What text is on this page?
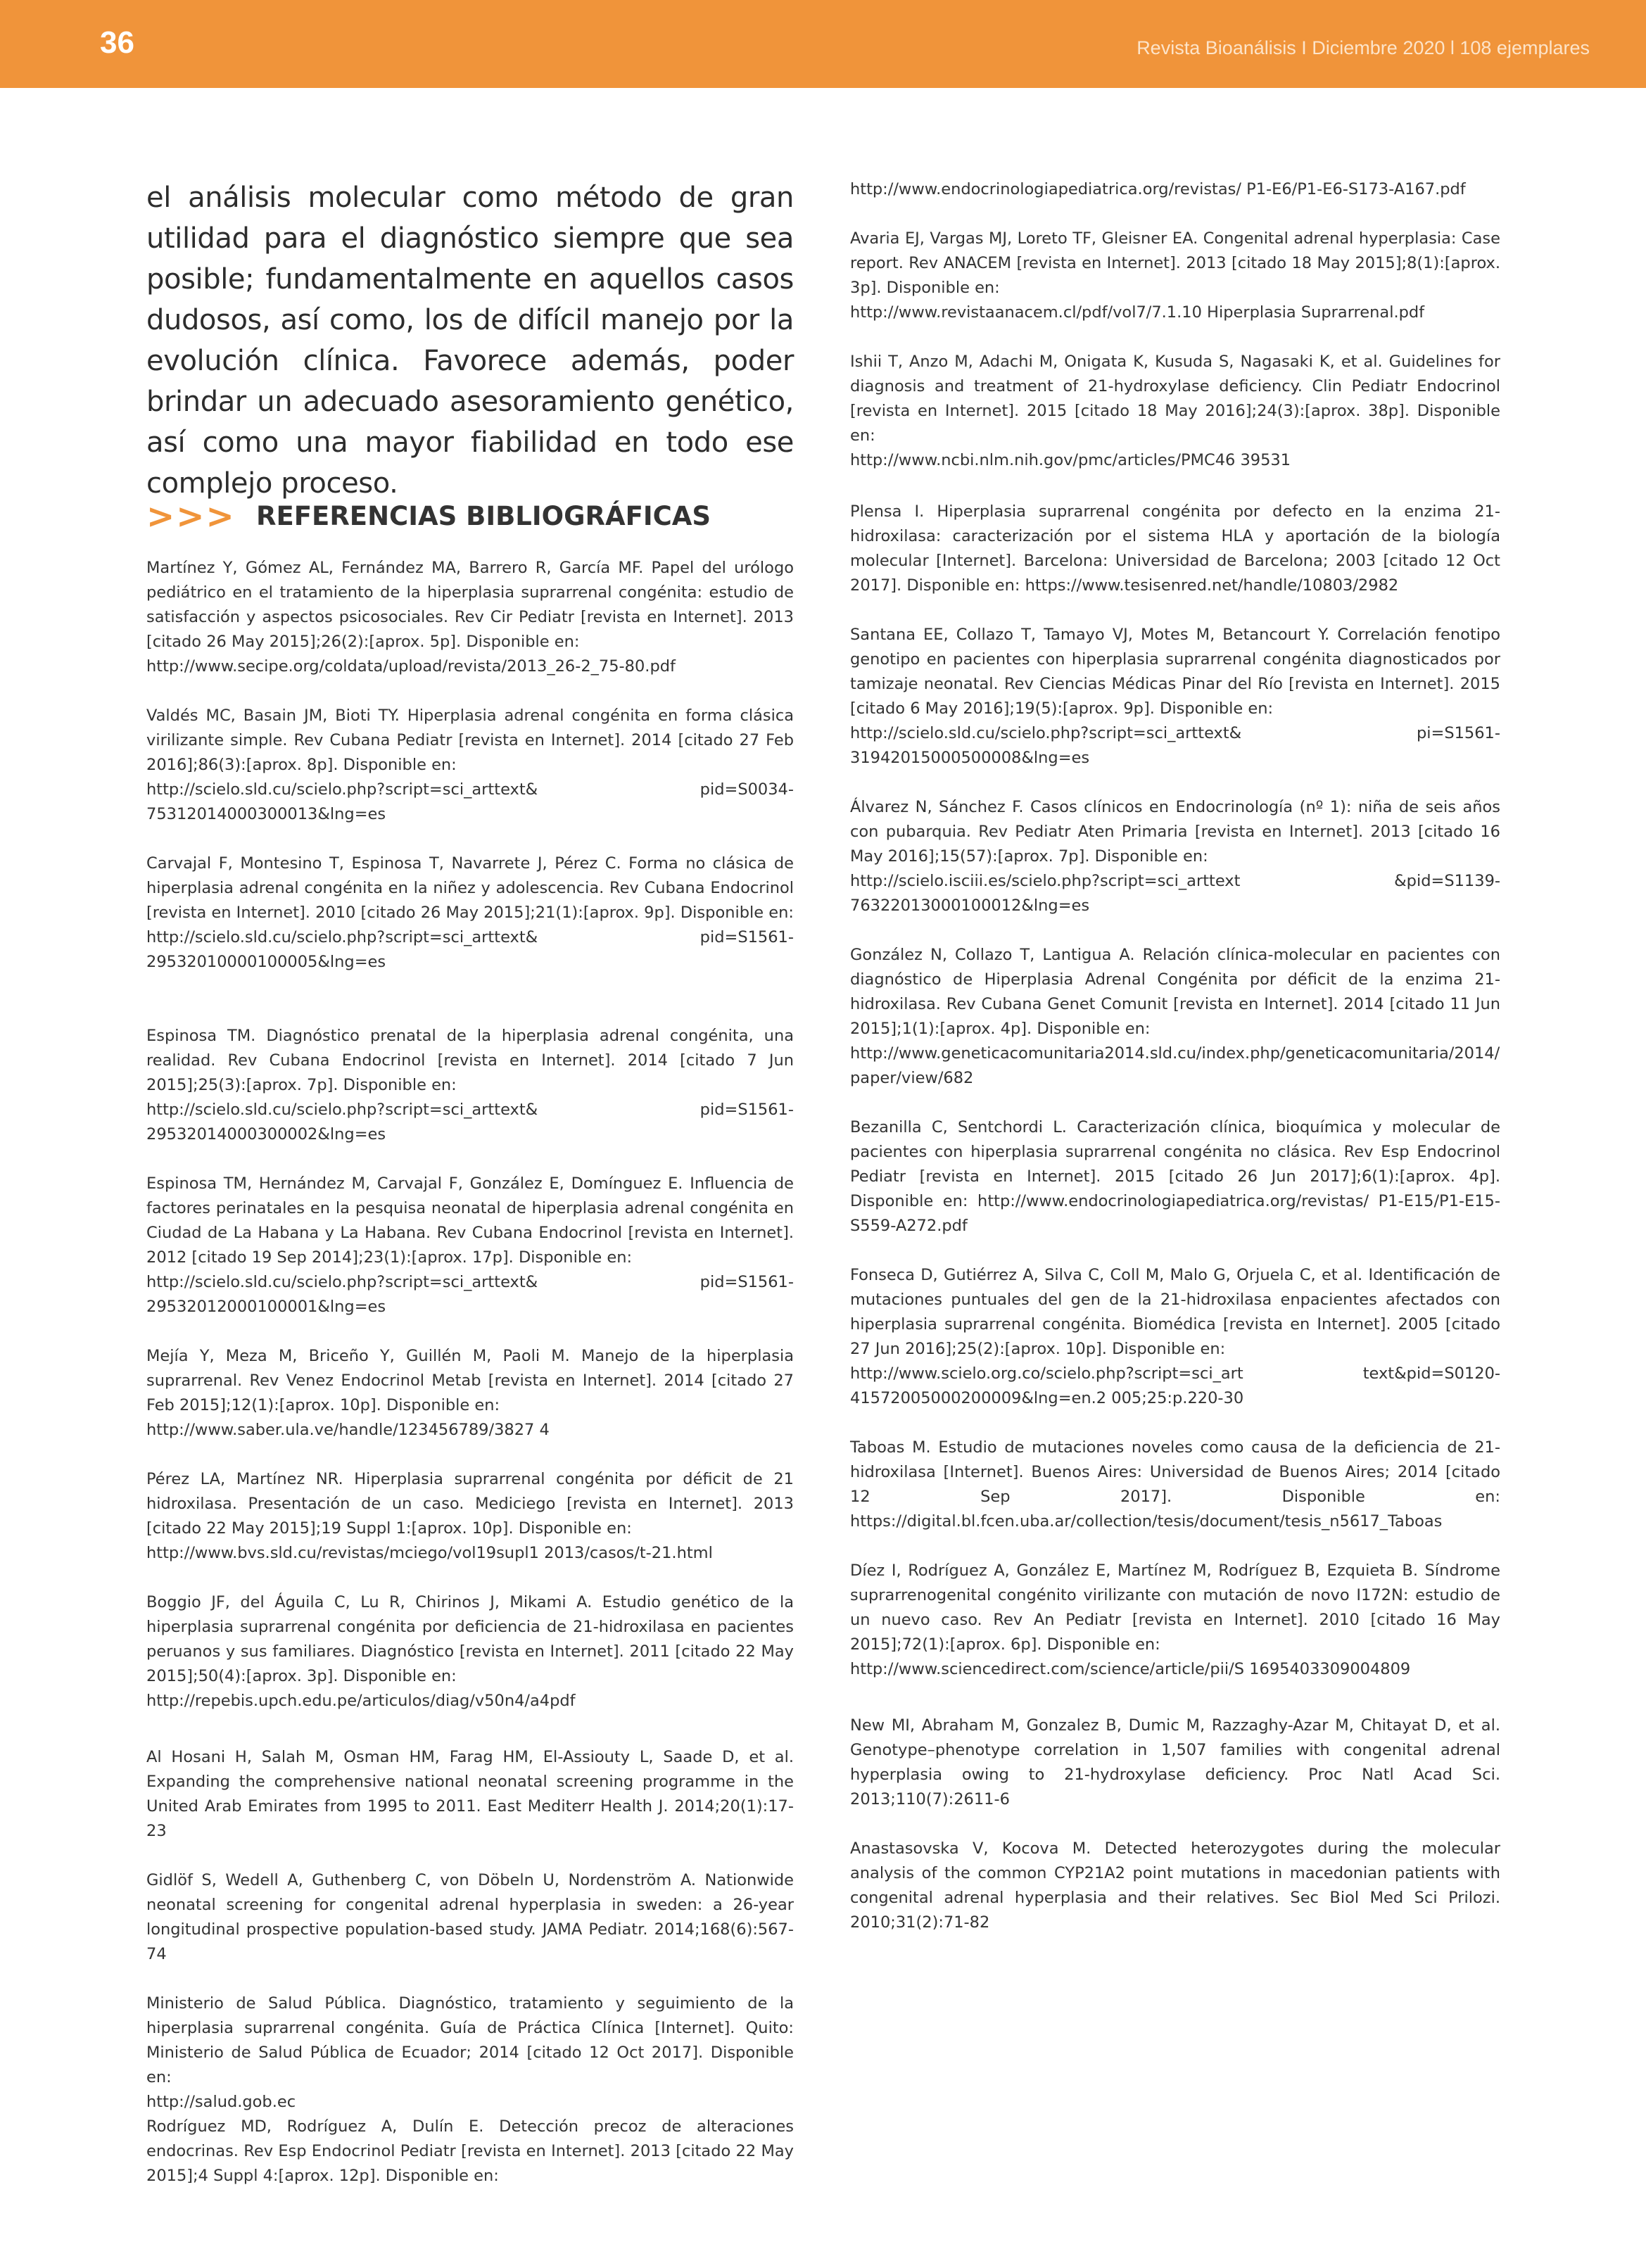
36	Revista Bioanálisis I Diciembre 2020 l 108 ejemplares
el análisis molecular como método de gran utilidad para el diagnóstico siempre que sea posible; fundamentalmente en aquellos casos dudosos, así como, los de difícil manejo por la evolución clínica. Favorece además, poder brindar un adecuado asesoramiento genético, así como una mayor fiabilidad en todo ese complejo proceso.
>>> REFERENCIAS BIBLIOGRÁFICAS
Martínez Y, Gómez AL, Fernández MA, Barrero R, García MF. Papel del urólogo pediátrico en el tratamiento de la hiperplasia suprarrenal congénita: estudio de satisfacción y aspectos psicosociales. Rev Cir Pediatr [revista en Internet]. 2013 [citado 26 May 2015];26(2):[aprox. 5p]. Disponible en:
http://www.secipe.org/coldata/upload/revista/2013_26-2_75-80.pdf
Valdés MC, Basain JM, Bioti TY. Hiperplasia adrenal congénita en forma clásica virilizante simple. Rev Cubana Pediatr [revista en Internet]. 2014 [citado 27 Feb 2016];86(3):[aprox. 8p]. Disponible en:
http://scielo.sld.cu/scielo.php?script=sci_arttext& pid=S0034-75312014000300013&lng=es
Carvajal F, Montesino T, Espinosa T, Navarrete J, Pérez C. Forma no clásica de hiperplasia adrenal congénita en la niñez y adolescencia. Rev Cubana Endocrinol [revista en Internet]. 2010 [citado 26 May 2015];21(1):[aprox. 9p]. Disponible en:
http://scielo.sld.cu/scielo.php?script=sci_arttext& pid=S1561-29532010000100005&lng=es
Espinosa TM. Diagnóstico prenatal de la hiperplasia adrenal congénita, una realidad. Rev Cubana Endocrinol [revista en Internet]. 2014 [citado 7 Jun 2015];25(3):[aprox. 7p]. Disponible en:
http://scielo.sld.cu/scielo.php?script=sci_arttext& pid=S1561-29532014000300002&lng=es
Espinosa TM, Hernández M, Carvajal F, González E, Domínguez E. Influencia de factores perinatales en la pesquisa neonatal de hiperplasia adrenal congénita en Ciudad de La Habana y La Habana. Rev Cubana Endocrinol [revista en Internet]. 2012 [citado 19 Sep 2014];23(1):[aprox. 17p]. Disponible en:
http://scielo.sld.cu/scielo.php?script=sci_arttext& pid=S1561-29532012000100001&lng=es
Mejía Y, Meza M, Briceño Y, Guillén M, Paoli M. Manejo de la hiperplasia suprarrenal. Rev Venez Endocrinol Metab [revista en Internet]. 2014 [citado 27 Feb 2015];12(1):[aprox. 10p]. Disponible en:
http://www.saber.ula.ve/handle/123456789/3827 4
Pérez LA, Martínez NR. Hiperplasia suprarrenal congénita por déficit de 21 hidroxilasa. Presentación de un caso. Mediciego [revista en Internet]. 2013 [citado 22 May 2015];19 Suppl 1:[aprox. 10p]. Disponible en:
http://www.bvs.sld.cu/revistas/mciego/vol19supl1 2013/casos/t-21.html
Boggio JF, del Águila C, Lu R, Chirinos J, Mikami A. Estudio genético de la hiperplasia suprarrenal congénita por deficiencia de 21-hidroxilasa en pacientes peruanos y sus familiares. Diagnóstico [revista en Internet]. 2011 [citado 22 May 2015];50(4):[aprox. 3p]. Disponible en:
http://repebis.upch.edu.pe/articulos/diag/v50n4/a4pdf
Al Hosani H, Salah M, Osman HM, Farag HM, El-Assiouty L, Saade D, et al. Expanding the comprehensive national neonatal screening programme in the United Arab Emirates from 1995 to 2011. East Mediterr Health J. 2014;20(1):17-23
Gidlöf S, Wedell A, Guthenberg C, von Döbeln U, Nordenström A. Nationwide neonatal screening for congenital adrenal hyperplasia in sweden: a 26-year longitudinal prospective population-based study. JAMA Pediatr. 2014;168(6):567-74
Ministerio de Salud Pública. Diagnóstico, tratamiento y seguimiento de la hiperplasia suprarrenal congénita. Guía de Práctica Clínica [Internet]. Quito: Ministerio de Salud Pública de Ecuador; 2014 [citado 12 Oct 2017]. Disponible en:
http://salud.gob.ec
Rodríguez MD, Rodríguez A, Dulín E. Detección precoz de alteraciones endocrinas. Rev Esp Endocrinol Pediatr [revista en Internet]. 2013 [citado 22 May 2015];4 Suppl 4:[aprox. 12p]. Disponible en:
http://www.endocrinologiapediatrica.org/revistas/ P1-E6/P1-E6-S173-A167.pdf
Avaria EJ, Vargas MJ, Loreto TF, Gleisner EA. Congenital adrenal hyperplasia: Case report. Rev ANACEM [revista en Internet]. 2013 [citado 18 May 2015];8(1):[aprox. 3p]. Disponible en:
http://www.revistaanacem.cl/pdf/vol7/7.1.10 Hiperplasia Suprarrenal.pdf
Ishii T, Anzo M, Adachi M, Onigata K, Kusuda S, Nagasaki K, et al. Guidelines for diagnosis and treatment of 21-hydroxylase deficiency. Clin Pediatr Endocrinol [revista en Internet]. 2015 [citado 18 May 2016];24(3):[aprox. 38p]. Disponible en:
http://www.ncbi.nlm.nih.gov/pmc/articles/PMC46 39531
Plensa I. Hiperplasia suprarrenal congénita por defecto en la enzima 21-hidroxilasa: caracterización por el sistema HLA y aportación de la biología molecular [Internet]. Barcelona: Universidad de Barcelona; 2003 [citado 12 Oct 2017]. Disponible en: https://www.tesisenred.net/handle/10803/2982
Santana EE, Collazo T, Tamayo VJ, Motes M, Betancourt Y. Correlación fenotipo genotipo en pacientes con hiperplasia suprarrenal congénita diagnosticados por tamizaje neonatal. Rev Ciencias Médicas Pinar del Río [revista en Internet]. 2015 [citado 6 May 2016];19(5):[aprox. 9p]. Disponible en:
http://scielo.sld.cu/scielo.php?script=sci_arttext& pi=S1561-31942015000500008&lng=es
Álvarez N, Sánchez F. Casos clínicos en Endocrinología (nº 1): niña de seis años con pubarquia. Rev Pediatr Aten Primaria [revista en Internet]. 2013 [citado 16 May 2016];15(57):[aprox. 7p]. Disponible en:
http://scielo.isciii.es/scielo.php?script=sci_arttext &pid=S1139-76322013000100012&lng=es
González N, Collazo T, Lantigua A. Relación clínica-molecular en pacientes con diagnóstico de Hiperplasia Adrenal Congénita por déficit de la enzima 21-hidroxilasa. Rev Cubana Genet Comunit [revista en Internet]. 2014 [citado 11 Jun 2015];1(1):[aprox. 4p]. Disponible en:
http://www.geneticacomunitaria2014.sld.cu/index.php/geneticacomunitaria/2014/paper/view/682
Bezanilla C, Sentchordi L. Caracterización clínica, bioquímica y molecular de pacientes con hiperplasia suprarrenal congénita no clásica. Rev Esp Endocrinol Pediatr [revista en Internet]. 2015 [citado 26 Jun 2017];6(1):[aprox. 4p]. Disponible en: http://www.endocrinologiapediatrica.org/revistas/ P1-E15/P1-E15-S559-A272.pdf
Fonseca D, Gutiérrez A, Silva C, Coll M, Malo G, Orjuela C, et al. Identificación de mutaciones puntuales del gen de la 21-hidroxilasa enpacientes afectados con hiperplasia suprarrenal congénita. Biomédica [revista en Internet]. 2005 [citado 27 Jun 2016];25(2):[aprox. 10p]. Disponible en:
http://www.scielo.org.co/scielo.php?script=sci_art text&pid=S0120-41572005000200009&lng=en.2 005;25:p.220-30
Taboas M. Estudio de mutaciones noveles como causa de la deficiencia de 21-hidroxilasa [Internet]. Buenos Aires: Universidad de Buenos Aires; 2014 [citado 12 Sep 2017]. Disponible en: https://digital.bl.fcen.uba.ar/collection/tesis/document/tesis_n5617_Taboas
Díez I, Rodríguez A, González E, Martínez M, Rodríguez B, Ezquieta B. Síndrome suprarrenogenital congénito virilizante con mutación de novo I172N: estudio de un nuevo caso. Rev An Pediatr [revista en Internet]. 2010 [citado 16 May 2015];72(1):[aprox. 6p]. Disponible en:
http://www.sciencedirect.com/science/article/pii/S 1695403309004809
New MI, Abraham M, Gonzalez B, Dumic M, Razzaghy-Azar M, Chitayat D, et al. Genotype–phenotype correlation in 1,507 families with congenital adrenal hyperplasia owing to 21-hydroxylase deficiency. Proc Natl Acad Sci. 2013;110(7):2611-6
Anastasovska V, Kocova M. Detected heterozygotes during the molecular analysis of the common CYP21A2 point mutations in macedonian patients with congenital adrenal hyperplasia and their relatives. Sec Biol Med Sci Prilozi. 2010;31(2):71-82
